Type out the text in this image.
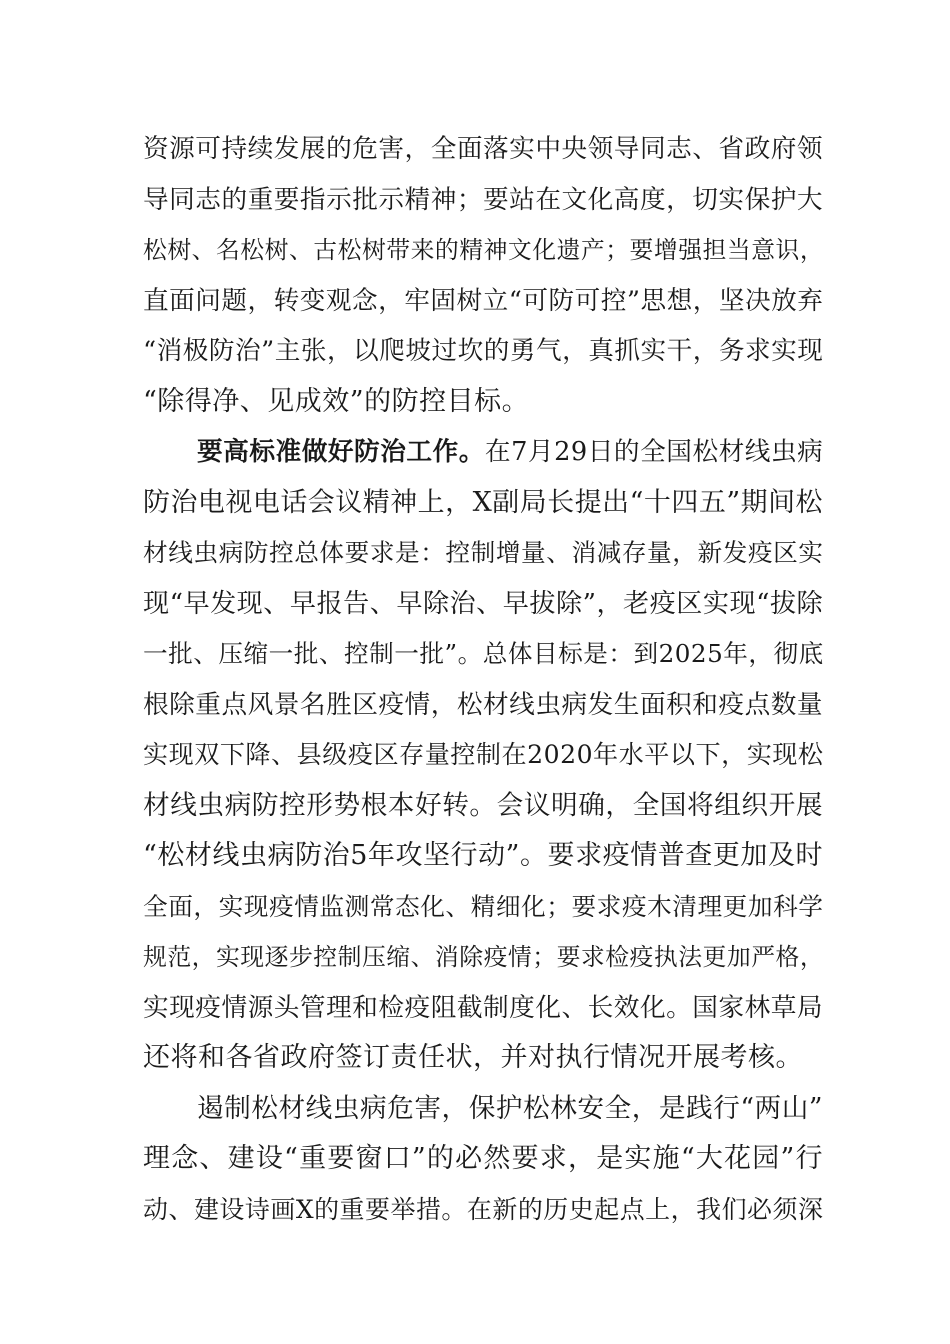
资源可持续发展的危害，全面落实中央领导同志、省政府领
导同志的重要指示批示精神；要站在文化高度，切实保护大
松树、名松树、古松树带来的精神文化遗产；要增强担当意识，
直面问题，转变观念，牢固树立“可防可控”思想，坚决放弃
“消极防治”主张，以爬坡过坎的勇气，真抓实干，务求实现
“除得净、见成效”的防控目标。
要高标准做好防治工作。在7月29日的全国松材线虫病
防治电视电话会议精神上，X副局长提出“十四五”期间松
材线虫病防控总体要求是：控制增量、消减存量，新发疫区实
现“早发现、早报告、早除治、早拔除”，老疫区实现“拔除
一批、压缩一批、控制一批”。总体目标是：到2025年，彻底
根除重点风景名胜区疫情，松材线虫病发生面积和疫点数量
实现双下降、县级疫区存量控制在2020年水平以下，实现松
材线虫病防控形势根本好转。会议明确，全国将组织开展
“松材线虫病防治5年攻坚行动”。要求疫情普查更加及时
全面，实现疫情监测常态化、精细化；要求疫木清理更加科学
规范，实现逐步控制压缩、消除疫情；要求检疫执法更加严格，
实现疫情源头管理和检疫阻截制度化、长效化。国家林草局
还将和各省政府签订责任状，并对执行情况开展考核。
遏制松材线虫病危害，保护松林安全，是践行“两山”
理念、建设“重要窗口”的必然要求，是实施“大花园”行
动、建设诗画X的重要举措。在新的历史起点上，我们必须深
